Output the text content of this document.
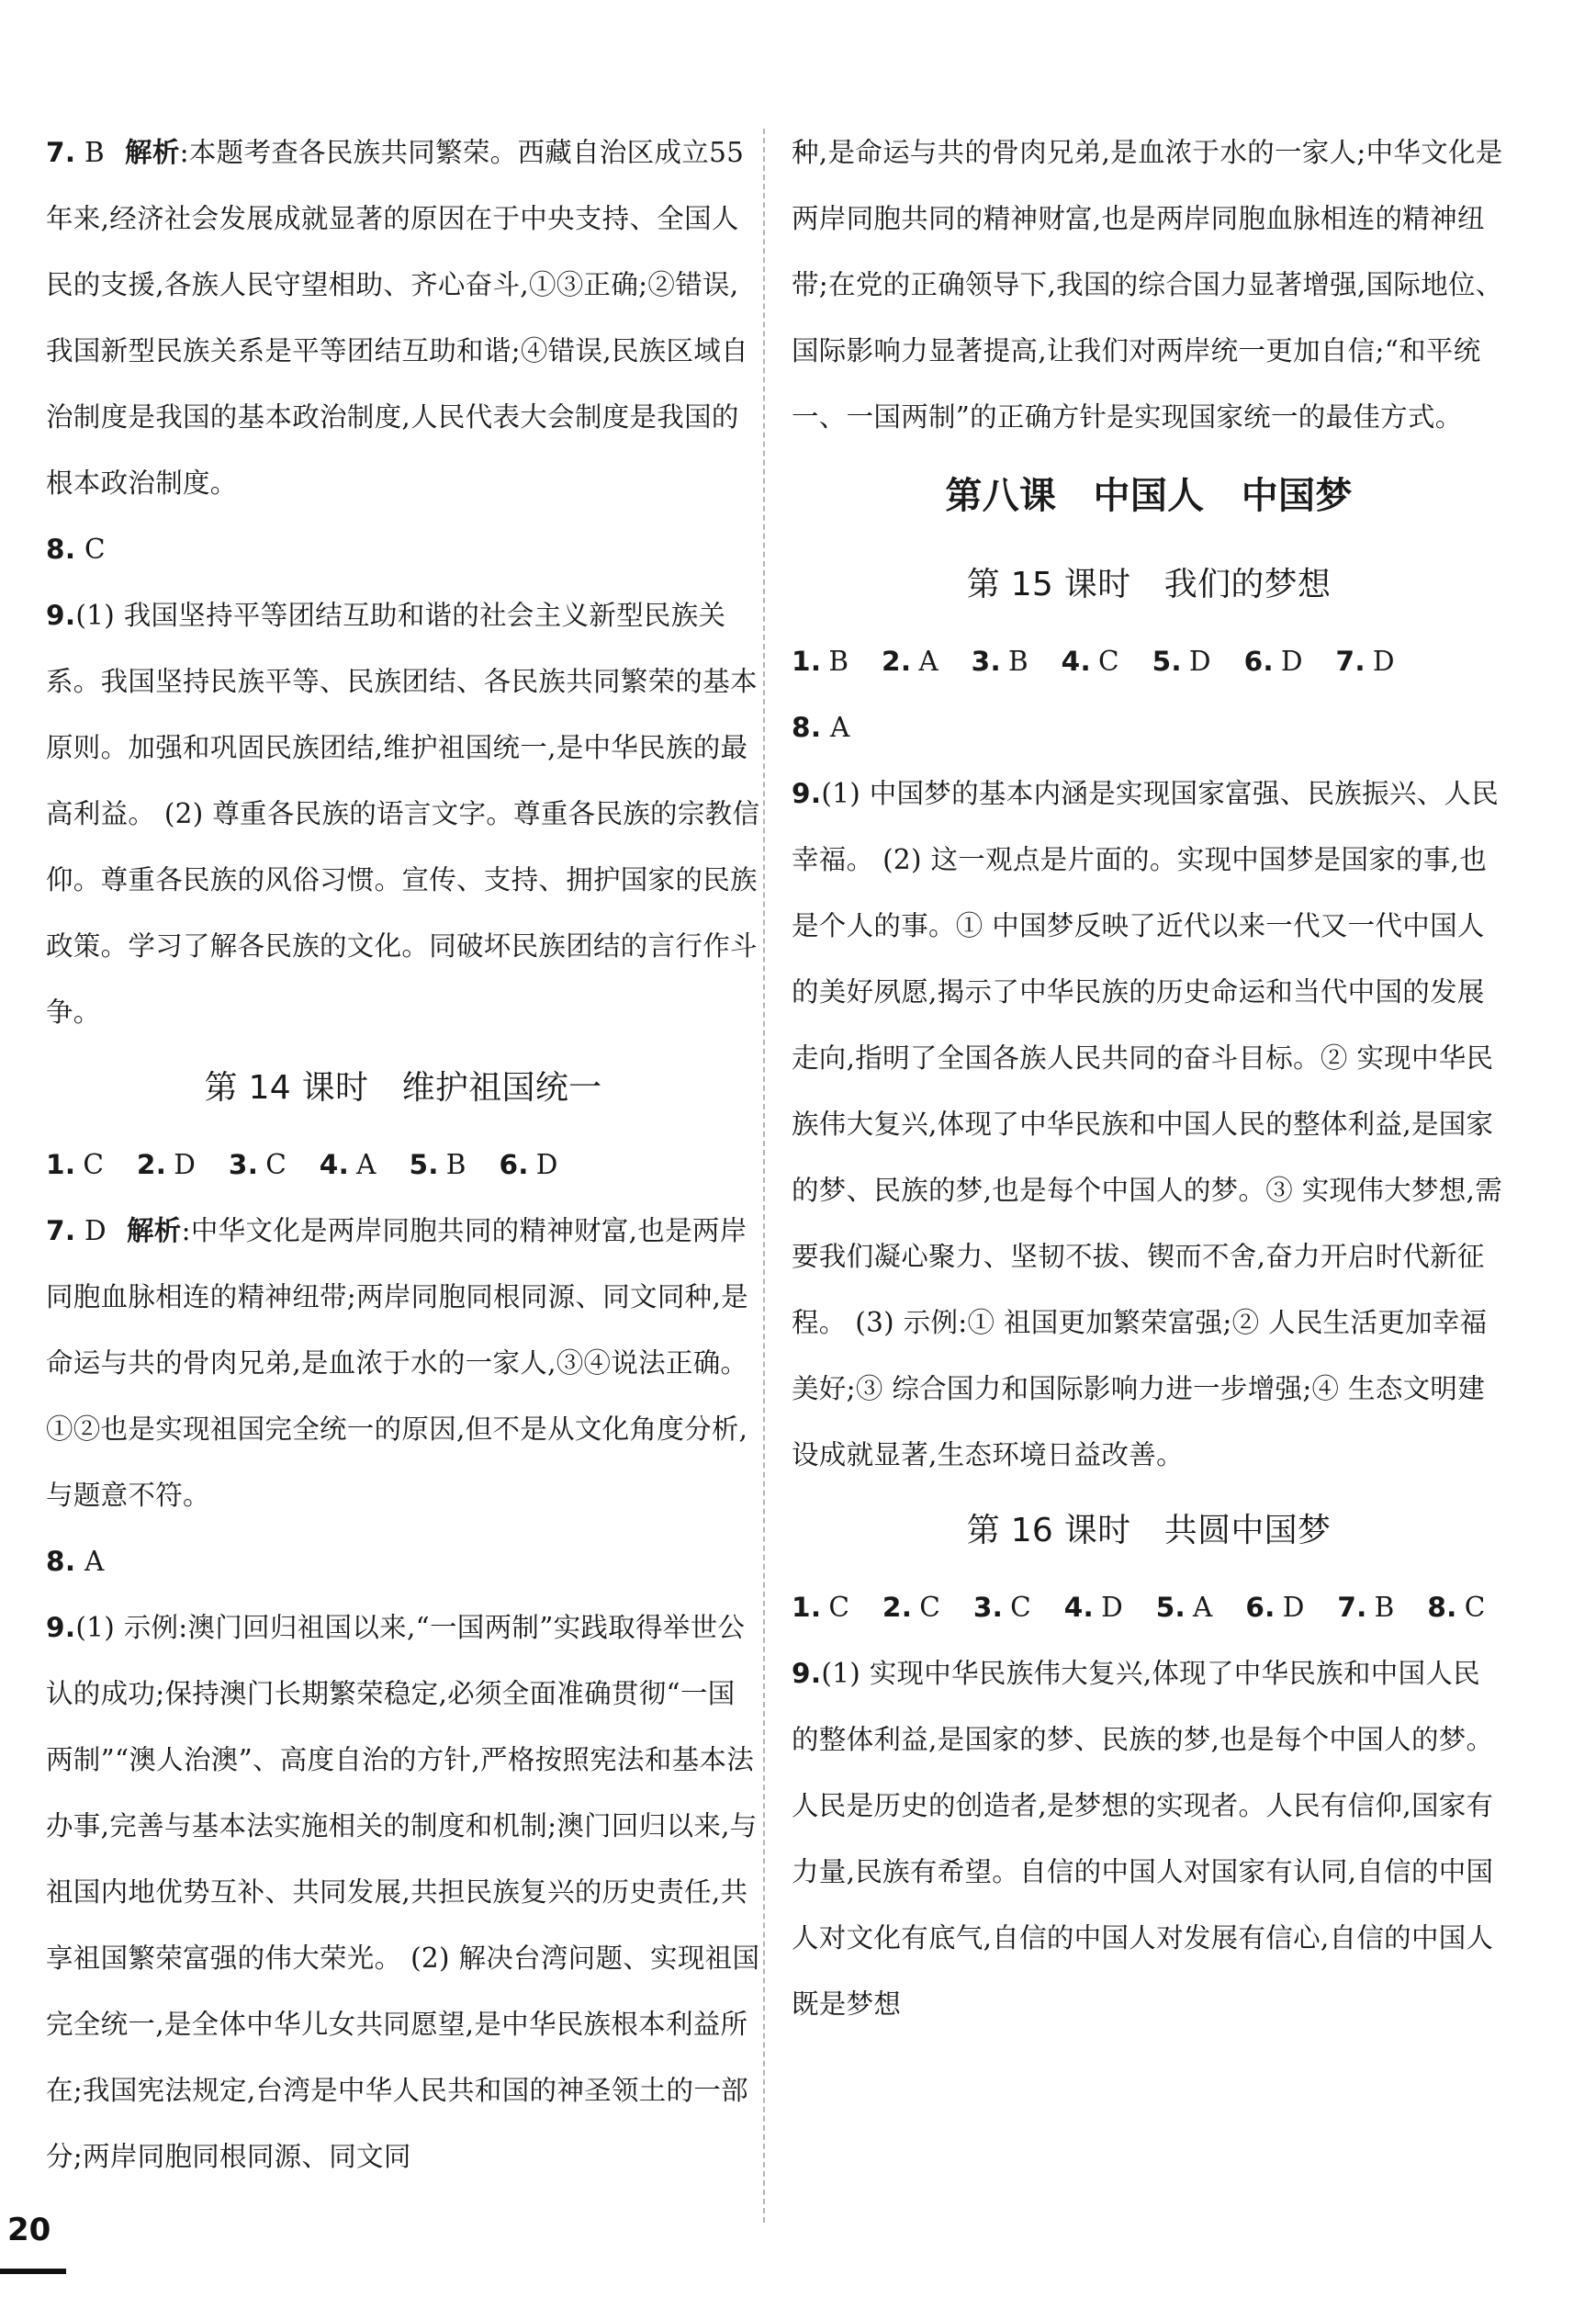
7. B 解析:本题考查各民族共同繁荣。西藏自治区成立55年来,经济社会发展成就显著的原因在于中央支持、全国人民的支援,各族人民守望相助、齐心奋斗,①③正确;②错误,我国新型民族关系是平等团结互助和谐;④错误,民族区域自治制度是我国的基本政治制度,人民代表大会制度是我国的根本政治制度。

8. C

9.(1) 我国坚持平等团结互助和谐的社会主义新型民族关系。我国坚持民族平等、民族团结、各民族共同繁荣的基本原则。加强和巩固民族团结,维护祖国统一,是中华民族的最高利益。 (2) 尊重各民族的语言文字。尊重各民族的宗教信仰。尊重各民族的风俗习惯。宣传、支持、拥护国家的民族政策。学习了解各民族的文化。同破坏民族团结的言行作斗争。

第 14 课时　维护祖国统一

1. C 2. D 3. C 4. A 5. B 6. D

7. D 解析:中华文化是两岸同胞共同的精神财富,也是两岸同胞血脉相连的精神纽带;两岸同胞同根同源、同文同种,是命运与共的骨肉兄弟,是血浓于水的一家人,③④说法正确。①②也是实现祖国完全统一的原因,但不是从文化角度分析,与题意不符。

8. A

9.(1) 示例:澳门回归祖国以来,“一国两制”实践取得举世公认的成功;保持澳门长期繁荣稳定,必须全面准确贯彻“一国两制”“澳人治澳”、高度自治的方针,严格按照宪法和基本法办事,完善与基本法实施相关的制度和机制;澳门回归以来,与祖国内地优势互补、共同发展,共担民族复兴的历史责任,共享祖国繁荣富强的伟大荣光。 (2) 解决台湾问题、实现祖国完全统一,是全体中华儿女共同愿望,是中华民族根本利益所在;我国宪法规定,台湾是中华人民共和国的神圣领土的一部分;两岸同胞同根同源、同文同

种,是命运与共的骨肉兄弟,是血浓于水的一家人;中华文化是两岸同胞共同的精神财富,也是两岸同胞血脉相连的精神纽带;在党的正确领导下,我国的综合国力显著增强,国际地位、国际影响力显著提高,让我们对两岸统一更加自信;“和平统一、一国两制”的正确方针是实现国家统一的最佳方式。

第八课　中国人　中国梦

第 15 课时　我们的梦想

1. B 2. A 3. B 4. C 5. D 6. D 7. D

8. A

9.(1) 中国梦的基本内涵是实现国家富强、民族振兴、人民幸福。 (2) 这一观点是片面的。实现中国梦是国家的事,也是个人的事。① 中国梦反映了近代以来一代又一代中国人的美好夙愿,揭示了中华民族的历史命运和当代中国的发展走向,指明了全国各族人民共同的奋斗目标。② 实现中华民族伟大复兴,体现了中华民族和中国人民的整体利益,是国家的梦、民族的梦,也是每个中国人的梦。③ 实现伟大梦想,需要我们凝心聚力、坚韧不拔、锲而不舍,奋力开启时代新征程。 (3) 示例:① 祖国更加繁荣富强;② 人民生活更加幸福美好;③ 综合国力和国际影响力进一步增强;④ 生态文明建设成就显著,生态环境日益改善。

第 16 课时　共圆中国梦

1. C 2. C 3. C 4. D 5. A 6. D 7. B 8. C

9.(1) 实现中华民族伟大复兴,体现了中华民族和中国人民的整体利益,是国家的梦、民族的梦,也是每个中国人的梦。人民是历史的创造者,是梦想的实现者。人民有信仰,国家有力量,民族有希望。自信的中国人对国家有认同,自信的中国人对文化有底气,自信的中国人对发展有信心,自信的中国人既是梦想

20
